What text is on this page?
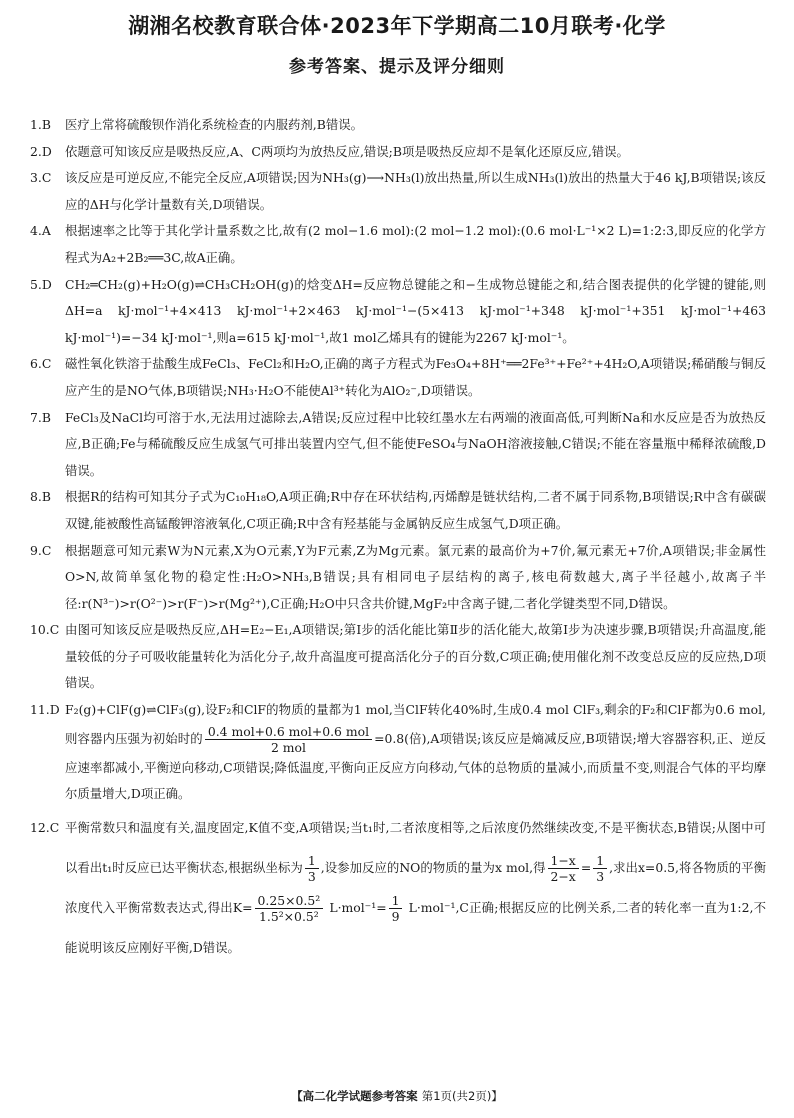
湖湘名校教育联合体·2023年下学期高二10月联考·化学
参考答案、提示及评分细则
1.B	医疗上常将硫酸钡作消化系统检查的内服药剂,B错误。

2.D	依题意可知该反应是吸热反应,A、C两项均为放热反应,错误;B项是吸热反应却不是氧化还原反应,错误。

3.C	该反应是可逆反应,不能完全反应,A项错误;因为NH₃(g)⟶NH₃(l)放出热量,所以生成NH₃(l)放出的热量大于46 kJ,B项错误;该反应的ΔH与化学计量数有关,D项错误。

4.A	根据速率之比等于其化学计量系数之比,故有(2 mol−1.6 mol):(2 mol−1.2 mol):(0.6 mol·L⁻¹×2 L)=1:2:3,即反应的化学方程式为A₂+2B₂══3C,故A正确。

5.D	CH₂═CH₂(g)+H₂O(g)⇌CH₃CH₂OH(g)的焓变ΔH=反应物总键能之和−生成物总键能之和,结合图表提供的化学键的键能,则ΔH=a kJ·mol⁻¹+4×413 kJ·mol⁻¹+2×463 kJ·mol⁻¹−(5×413 kJ·mol⁻¹+348 kJ·mol⁻¹+351 kJ·mol⁻¹+463 kJ·mol⁻¹)=−34 kJ·mol⁻¹,则a=615 kJ·mol⁻¹,故1 mol乙烯具有的键能为2267 kJ·mol⁻¹。

6.C	磁性氧化铁溶于盐酸生成FeCl₃、FeCl₂和H₂O,正确的离子方程式为Fe₃O₄+8H⁺══2Fe³⁺+Fe²⁺+4H₂O,A项错误;稀硝酸与铜反应产生的是NO气体,B项错误;NH₃·H₂O不能使Al³⁺转化为AlO₂⁻,D项错误。

7.B	FeCl₃及NaCl均可溶于水,无法用过滤除去,A错误;反应过程中比较红墨水左右两端的液面高低,可判断Na和水反应是否为放热反应,B正确;Fe与稀硫酸反应生成氢气可排出装置内空气,但不能使FeSO₄与NaOH溶液接触,C错误;不能在容量瓶中稀释浓硫酸,D错误。

8.B	根据R的结构可知其分子式为C₁₀H₁₈O,A项正确;R中存在环状结构,丙烯醇是链状结构,二者不属于同系物,B项错误;R中含有碳碳双键,能被酸性高锰酸钾溶液氧化,C项正确;R中含有羟基能与金属钠反应生成氢气,D项正确。

9.C	根据题意可知元素W为N元素,X为O元素,Y为F元素,Z为Mg元素。氯元素的最高价为+7价,氟元素无+7价,A项错误;非金属性O>N,故简单氢化物的稳定性:H₂O>NH₃,B错误;具有相同电子层结构的离子,核电荷数越大,离子半径越小,故离子半径:r(N³⁻)>r(O²⁻)>r(F⁻)>r(Mg²⁺),C正确;H₂O中只含共价键,MgF₂中含离子键,二者化学键类型不同,D错误。

10.C 由图可知该反应是吸热反应,ΔH=E₂−E₁,A项错误;第Ⅰ步的活化能比第Ⅱ步的活化能大,故第Ⅰ步为决速步骤,B项错误;升高温度,能量较低的分子可吸收能量转化为活化分子,故升高温度可提高活化分子的百分数,C项正确;使用催化剂不改变总反应的反应热,D项错误。

11.D F₂(g)+ClF(g)⇌ClF₃(g),设F₂和ClF的物质的量都为1 mol,当ClF转化40%时,生成0.4 mol ClF₃,剩余的F₂和ClF都为0.6 mol,则容器内压强为初始时的 $\frac{\text{0.4 mol+0.6 mol+0.6 mol}}{\text{2 mol}} =0.8$(倍),A项错误;该反应是熵减反应,B项错误;增大容器容积,正、逆反应速率都减小,平衡逆向移动,C项错误;降低温度,平衡向正反应方向移动,气体的总物质的量减小,而质量不变,则混合气体的平均摩尔质量增大,D项正确。

12.C 平衡常数只和温度有关,温度固定,K值不变,A项错误;当t₁时,二者浓度相等,之后浓度仍然继续改变,不是平衡状态,B错误;从图中可以看出t₁时反应已达平衡状态,根据纵坐标为 $\frac{1}{3}$ ,设参加反应的NO的物质的量为x mol,得 $\frac{1-x}{2-x} = \frac{1}{3}$ ,求出x=0.5,将各物质的平衡浓度代入平衡常数表达式,得出$K= \frac{\text{0.25×0.5²}}{\text{1.5²×0.5²}} L\cdot mol^{-1}= \frac{1}{9} L\cdot mol^{-1},C$正确;根据反应的比例关系,二者的转化率一直为1:2,不能说明该反应刚好平衡,D错误。

【高二化学试题参考答案 第1页(共2页)】
